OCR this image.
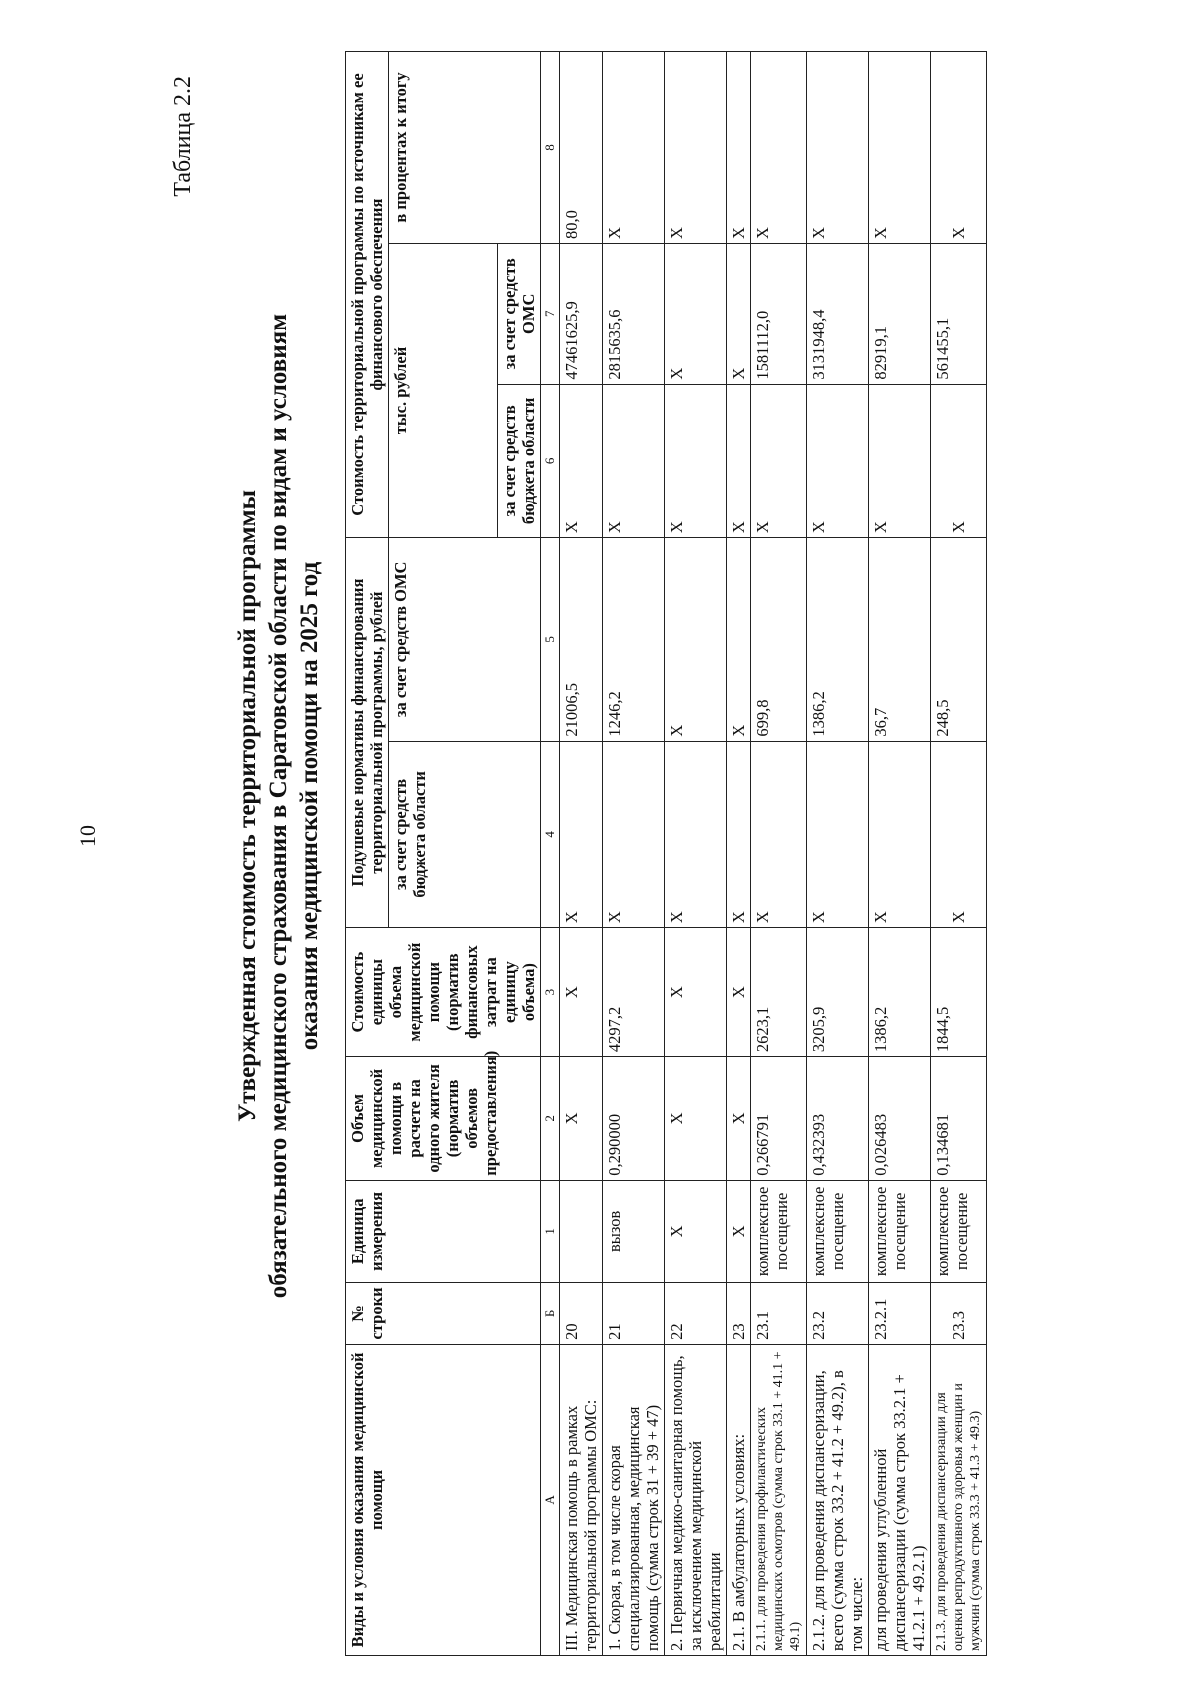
10
Таблица 2.2
Утвержденная стоимость территориальной программы обязательного медицинского страхования в Саратовской области по видам и условиям оказания медицинской помощи на 2025 год
Виды и условия оказания медицинской помощи	№ строки	Единица измерения	Объем медицинской помощи в расчете на одного жителя (норматив объемов предоставления)	Стоимость единицы объема медицинской помощи (норматив финансовых затрат на единицу объема)	Подушевые нормативы финансирования территориальной программы, рублей		Стоимость территориальной программы по источникам ее финансового обеспечения		
					за счет средств бюджета области	за счет средств ОМС	тыс. рублей		в процентах к итогу
							за счет средств бюджета области	за счет средств ОМС	
А	Б	1	2	3	4	5	6	7	8
III. Медицинская помощь в рамках территориальной программы ОМС:	20		X	X	X	21006,5	X	47461625,9	80,0
1. Скорая, в том числе скорая специализированная, медицинская помощь (сумма строк 31 + 39 + 47)	21	вызов	0,290000	4297,2	X	1246,2	X	2815635,6	X
2. Первичная медико-санитарная помощь, за исключением медицинской реабилитации	22	X	X	X	X	X	X	X	X
2.1. В амбулаторных условиях:	23	X	X	X	X	X	X	X	X
2.1.1. для проведения профилактических медицинских осмотров (сумма строк 33.1 + 41.1 + 49.1)	23.1	комплексное посещение	0,266791	2623,1	X	699,8	X	1581112,0	X
2.1.2. для проведения диспансеризации, всего (сумма строк 33.2 + 41.2 + 49.2), в том числе:	23.2	комплексное посещение	0,432393	3205,9	X	1386,2	X	3131948,4	X
для проведения углубленной диспансеризации (сумма строк 33.2.1 + 41.2.1 + 49.2.1)	23.2.1	комплексное посещение	0,026483	1386,2	X	36,7	X	82919,1	X
2.1.3. для проведения диспансеризации для оценки репродуктивного здоровья женщин и мужчин (сумма строк 33.3 + 41.3 + 49.3)	23.3	комплексное посещение	0,134681	1844,5	X	248,5	X	561455,1	X
